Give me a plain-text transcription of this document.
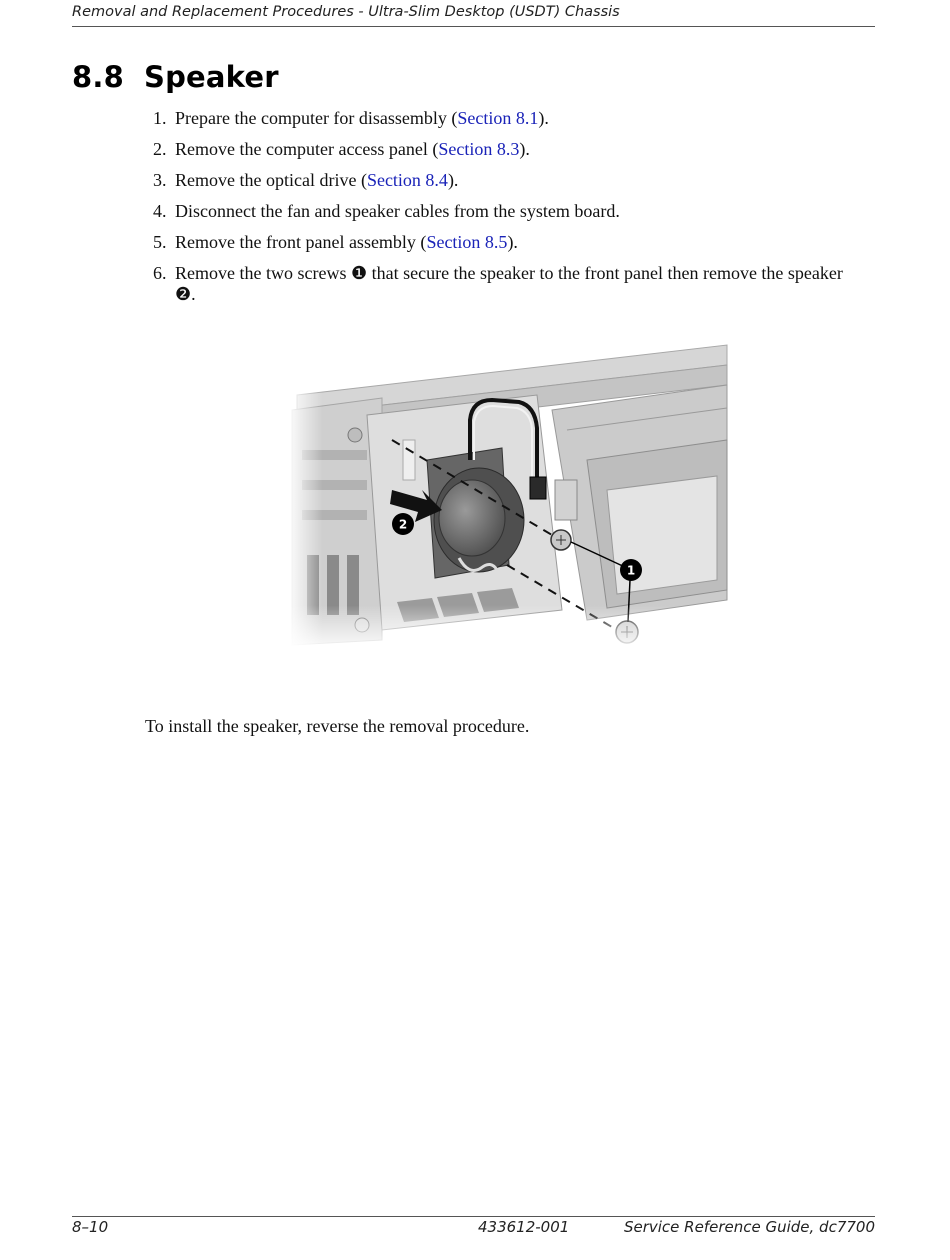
Removal and Replacement Procedures - Ultra-Slim Desktop (USDT) Chassis
8.8 Speaker
1. Prepare the computer for disassembly (Section 8.1).
2. Remove the computer access panel (Section 8.3).
3. Remove the optical drive (Section 8.4).
4. Disconnect the fan and speaker cables from the system board.
5. Remove the front panel assembly (Section 8.5).
6. Remove the two screws ❶ that secure the speaker to the front panel then remove the speaker ❷.
1
2
To install the speaker, reverse the removal procedure.
8–10	433612-001	Service Reference Guide, dc7700
